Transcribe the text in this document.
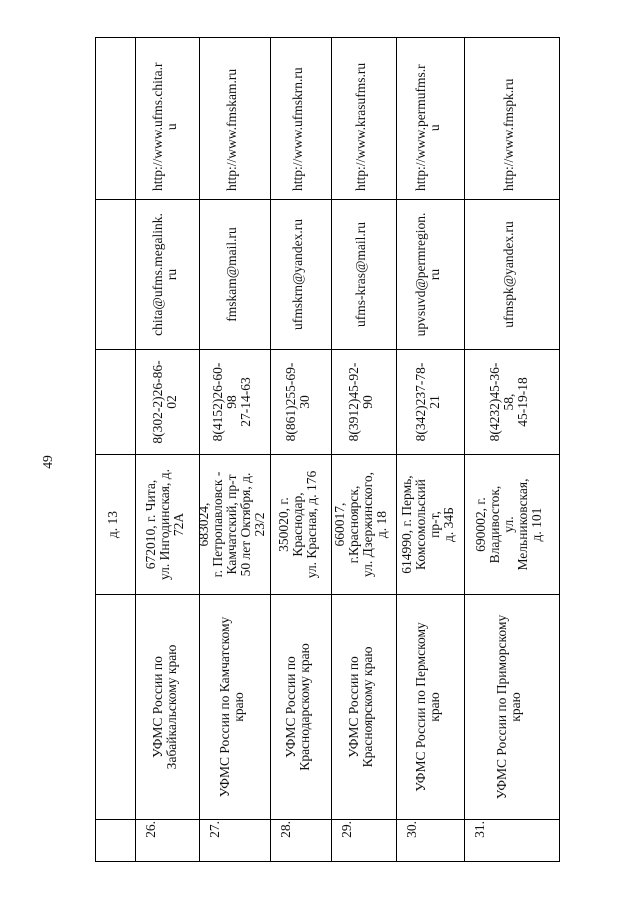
49
д. 13
26.
УФМС России по
Забайкальскому краю
672010, г. Чита,
ул. Ингодинская, д.
72А
8(302-2)26-86-
02
chita@ufms.megalink.
ru
http://www.ufms.chita.r
u
27.
УФМС России по Камчатскому
краю
683024,
г. Петропавловск -
Камчатский, пр-т
50 лет Октября, д.
23/2
8(4152)26-60-
98
27-14-63
fmskam@mail.ru
http://www.fmskam.ru
28.
УФМС России по
Краснодарскому краю
350020, г.
Краснодар,
ул. Красная, д. 176
8(861)255-69-
30
ufmskrn@yandex.ru
http://www.ufmskrn.ru
29.
УФМС России по
Красноярскому краю
660017,
г.Красноярск,
ул. Дзержинского,
д. 18
8(3912)45-92-
90
ufms-kras@mail.ru
http://www.krasufms.ru
30.
УФМС России по Пермскому
краю
614990, г. Пермь,
Комсомольский
пр-т,
д. 34Б
8(342)237-78-
21
upvsuvd@permregion.
ru
http://www.permufms.r
u
31.
УФМС России по Приморскому
краю
690002, г.
Владивосток,
ул.
Мельниковская,
д. 101
8(4232)45-36-
58,
45-19-18
ufmspk@yandex.ru
http://www.fmspk.ru
